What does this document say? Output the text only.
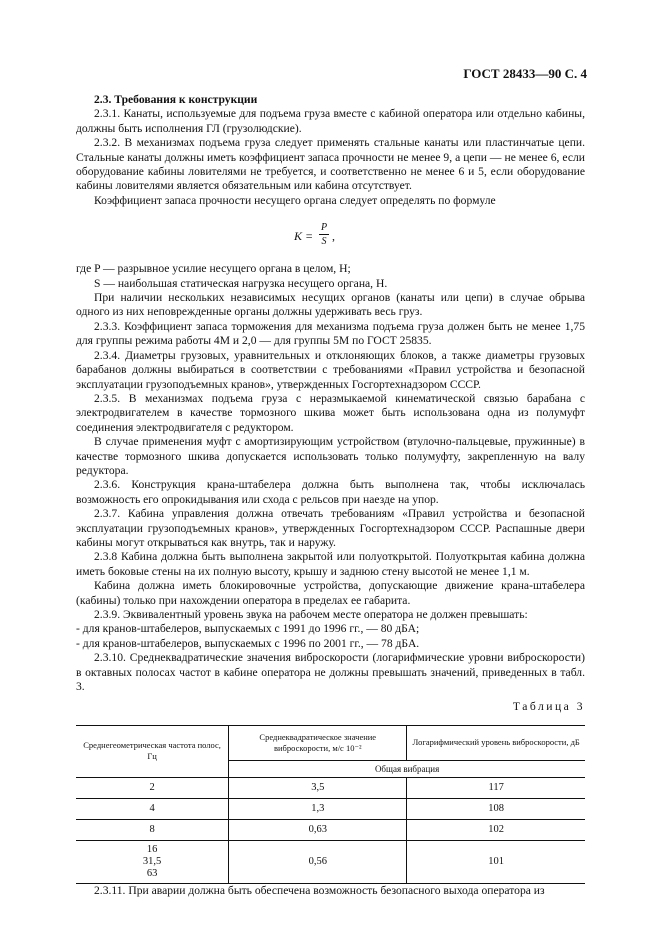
ГОСТ 28433—90 С. 4

2.3. Требования к конструкции

2.3.1. Канаты, используемые для подъема груза вместе с кабиной оператора или отдельно кабины, должны быть исполнения ГЛ (грузолюдские).

2.3.2. В механизмах подъема груза следует применять стальные канаты или пластинчатые цепи. Стальные канаты должны иметь коэффициент запаса прочности не менее 9, а цепи — не менее 6, если оборудование кабины ловителями не требуется, и соответственно не менее 6 и 5, если оборудование кабины ловителями является обязательным или кабина отсутствует.

Коэффициент запаса прочности несущего органа следует определять по формуле

K =
P
S ,

где P — разрывное усилие несущего органа в целом, Н;

S — наибольшая статическая нагрузка несущего органа, Н.

При наличии нескольких независимых несущих органов (канаты или цепи) в случае обрыва одного из них неповрежденные органы должны удерживать весь груз.

2.3.3. Коэффициент запаса торможения для механизма подъема груза должен быть не менее 1,75 для группы режима работы 4М и 2,0 — для группы 5М по ГОСТ 25835.

2.3.4. Диаметры грузовых, уравнительных и отклоняющих блоков, а также диаметры грузовых барабанов должны выбираться в соответствии с требованиями «Правил устройства и безопасной эксплуатации грузоподъемных кранов», утвержденных Госгортехнадзором СССР.

2.3.5. В механизмах подъема груза с неразмыкаемой кинематической связью барабана с электродвигателем в качестве тормозного шкива может быть использована одна из полумуфт соединения электродвигателя с редуктором.

В случае применения муфт с амортизирующим устройством (втулочно-пальцевые, пружинные) в качестве тормозного шкива допускается использовать только полумуфту, закрепленную на валу редуктора.

2.3.6. Конструкция крана-штабелера должна быть выполнена так, чтобы исключалась возможность его опрокидывания или схода с рельсов при наезде на упор.

2.3.7. Кабина управления должна отвечать требованиям «Правил устройства и безопасной эксплуатации грузоподъемных кранов», утвержденных Госгортехнадзором СССР. Распашные двери кабины могут открываться как внутрь, так и наружу.

2.3.8 Кабина должна быть выполнена закрытой или полуоткрытой. Полуоткрытая кабина должна иметь боковые стены на их полную высоту, крышу и заднюю стену высотой не менее 1,1 м.

Кабина должна иметь блокировочные устройства, допускающие движение крана-штабелера (кабины) только при нахождении оператора в пределах ее габарита.

2.3.9. Эквивалентный уровень звука на рабочем месте оператора не должен превышать:

- для кранов-штабелеров, выпускаемых с 1991 до 1996 гг., — 80 дБА;

- для кранов-штабелеров, выпускаемых с 1996 по 2001 гг., — 78 дБА.

2.3.10. Среднеквадратические значения виброскорости (логарифмические уровни виброскорости) в октавных полосах частот в кабине оператора не должны превышать значений, приведенных в табл. 3.

Таблица 3
Среднегеометрическая частота полос, Гц	Среднеквадратическое значение виброскорости, м/с 10⁻²	Логарифмический уровень виброскорости, дБ
	Общая вибрация	
2	3,5	117
4	1,3	108
8	0,63	102
16
31,5
63	0,56	101

2.3.11. При аварии должна быть обеспечена возможность безопасного выхода оператора из
